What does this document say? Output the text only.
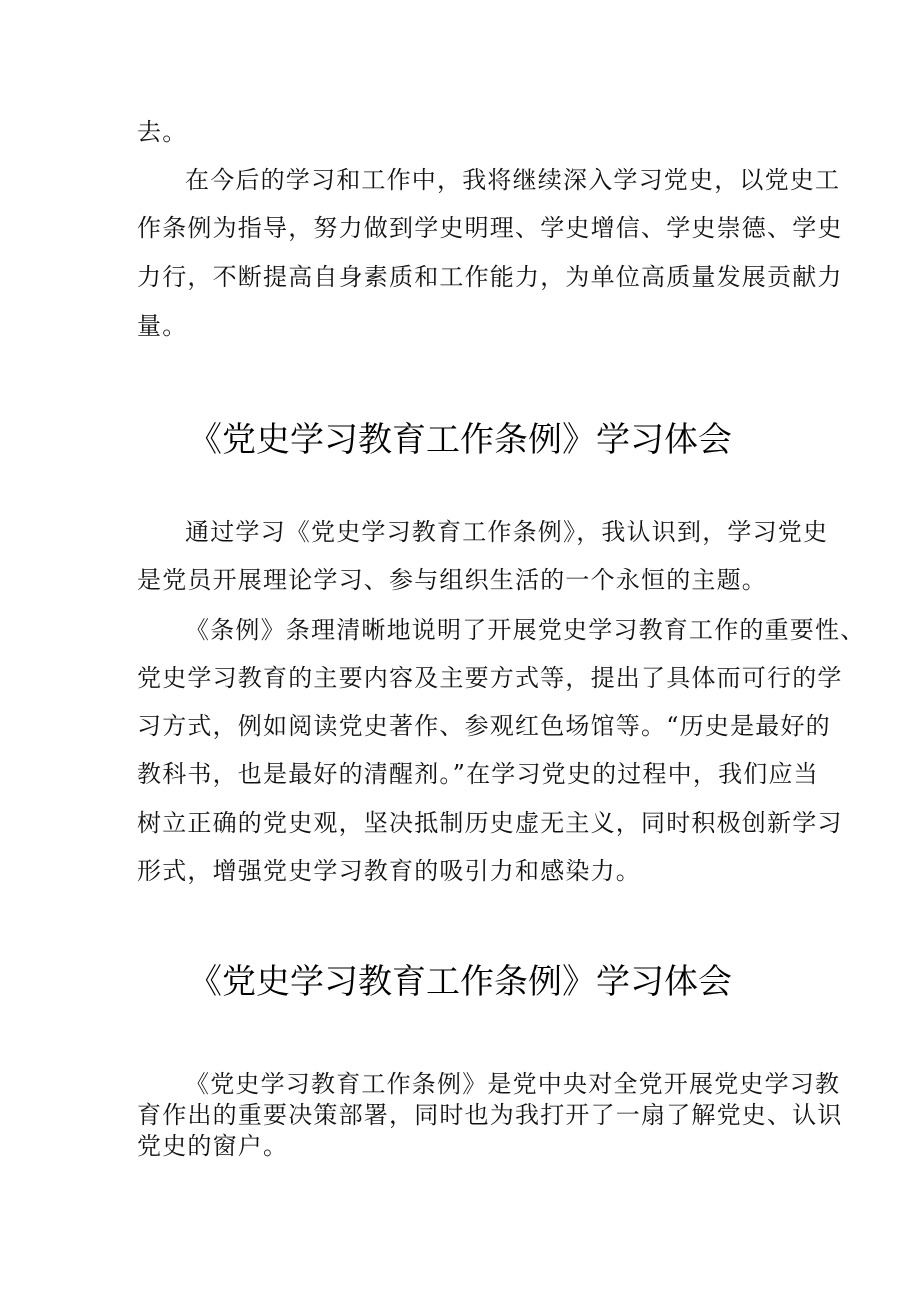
去。
在今后的学习和工作中，我将继续深入学习党史，以党史工
作条例为指导，努力做到学史明理、学史增信、学史崇德、学史
力行，不断提高自身素质和工作能力，为单位高质量发展贡献力
量。
《党史学习教育工作条例》学习体会
通过学习《党史学习教育工作条例》，我认识到，学习党史
是党员开展理论学习、参与组织生活的一个永恒的主题。
《条例》条理清晰地说明了开展党史学习教育工作的重要性、
党史学习教育的主要内容及主要方式等，提出了具体而可行的学
习方式，例如阅读党史著作、参观红色场馆等。“历史是最好的
教科书，也是最好的清醒剂。”在学习党史的过程中，我们应当
树立正确的党史观，坚决抵制历史虚无主义，同时积极创新学习
形式，增强党史学习教育的吸引力和感染力。
《党史学习教育工作条例》学习体会
《党史学习教育工作条例》是党中央对全党开展党史学习教
育作出的重要决策部署，同时也为我打开了一扇了解党史、认识
党史的窗户。
